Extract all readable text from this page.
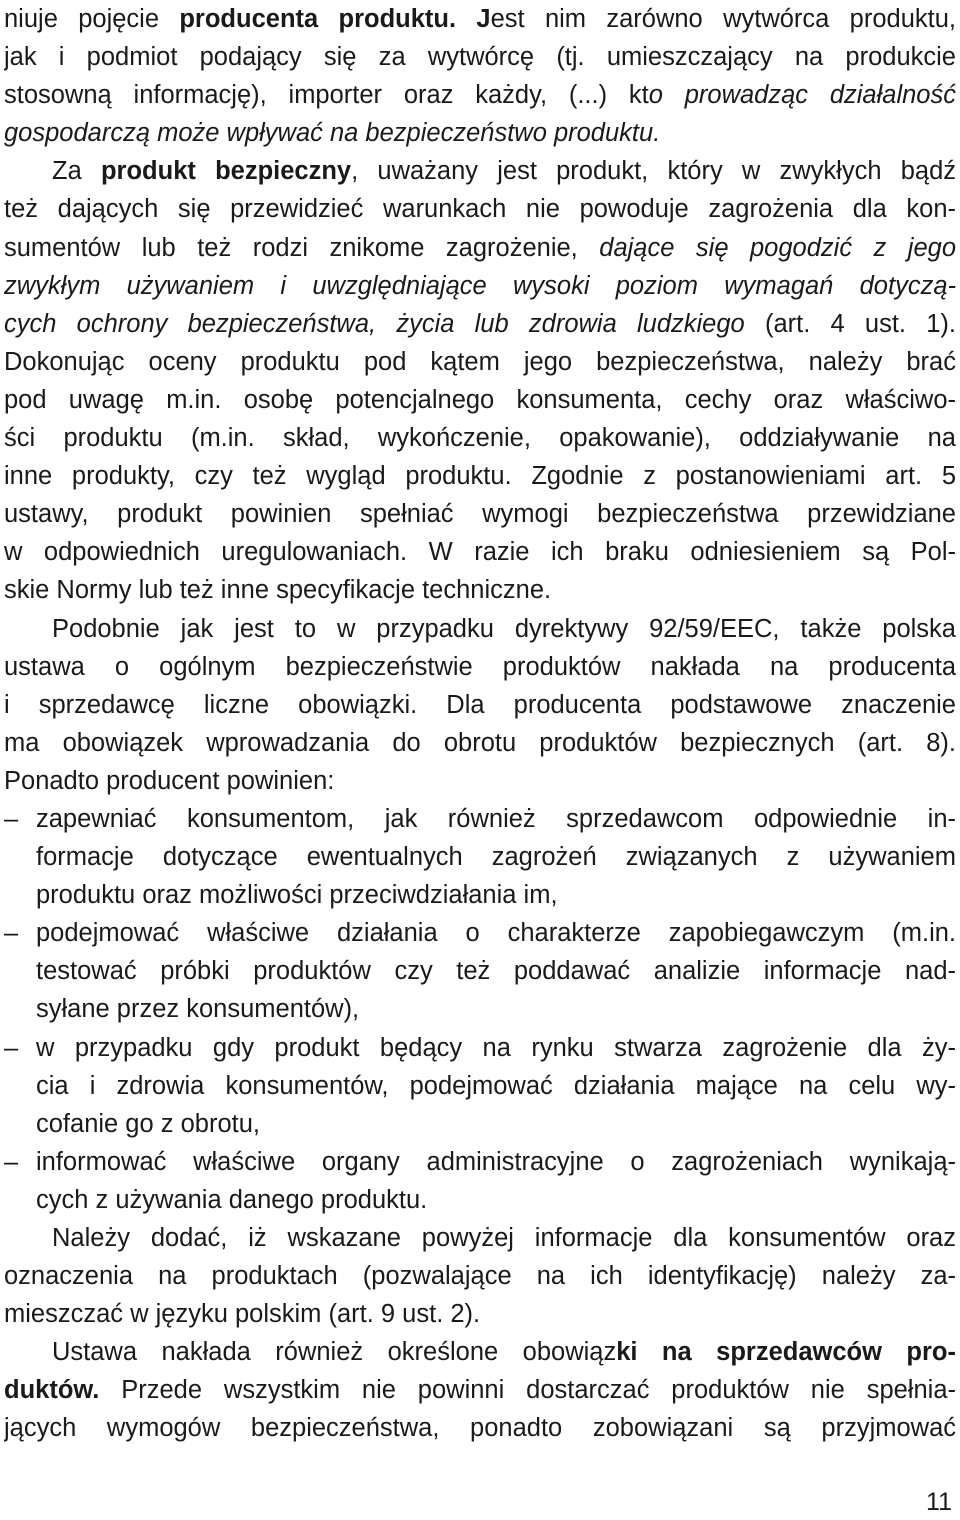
niuje pojęcie producenta produktu. Jest nim zarówno wytwórca produktu,
jak i podmiot podający się za wytwórcę (tj. umieszczający na produkcie
stosowną informację), importer oraz każdy, (...) kto prowadząc działalność
gospodarczą może wpływać na bezpieczeństwo produktu.
Za produkt bezpieczny, uważany jest produkt, który w zwykłych bądź
też dających się przewidzieć warunkach nie powoduje zagrożenia dla kon-
sumentów lub też rodzi znikome zagrożenie, dające się pogodzić z jego
zwykłym używaniem i uwzględniające wysoki poziom wymagań dotyczą-
cych ochrony bezpieczeństwa, życia lub zdrowia ludzkiego (art. 4 ust. 1).
Dokonując oceny produktu pod kątem jego bezpieczeństwa, należy brać
pod uwagę m.in. osobę potencjalnego konsumenta, cechy oraz właściwo-
ści produktu (m.in. skład, wykończenie, opakowanie), oddziaływanie na
inne produkty, czy też wygląd produktu. Zgodnie z postanowieniami art. 5
ustawy, produkt powinien spełniać wymogi bezpieczeństwa przewidziane
w odpowiednich uregulowaniach. W razie ich braku odniesieniem są Pol-
skie Normy lub też inne specyfikacje techniczne.
Podobnie jak jest to w przypadku dyrektywy 92/59/EEC, także polska
ustawa o ogólnym bezpieczeństwie produktów nakłada na producenta
i sprzedawcę liczne obowiązki. Dla producenta podstawowe znaczenie
ma obowiązek wprowadzania do obrotu produktów bezpiecznych (art. 8).
Ponadto producent powinien:
– zapewniać konsumentom, jak również sprzedawcom odpowiednie in-
formacje dotyczące ewentualnych zagrożeń związanych z używaniem
produktu oraz możliwości przeciwdziałania im,
– podejmować właściwe działania o charakterze zapobiegawczym (m.in.
testować próbki produktów czy też poddawać analizie informacje nad-
syłane przez konsumentów),
– w przypadku gdy produkt będący na rynku stwarza zagrożenie dla ży-
cia i zdrowia konsumentów, podejmować działania mające na celu wy-
cofanie go z obrotu,
– informować właściwe organy administracyjne o zagrożeniach wynikają-
cych z używania danego produktu.
Należy dodać, iż wskazane powyżej informacje dla konsumentów oraz
oznaczenia na produktach (pozwalające na ich identyfikację) należy za-
mieszczać w języku polskim (art. 9 ust. 2).
Ustawa nakłada również określone obowiązki na sprzedawców pro-
duktów. Przede wszystkim nie powinni dostarczać produktów nie spełnia-
jących wymogów bezpieczeństwa, ponadto zobowiązani są przyjmować
11
